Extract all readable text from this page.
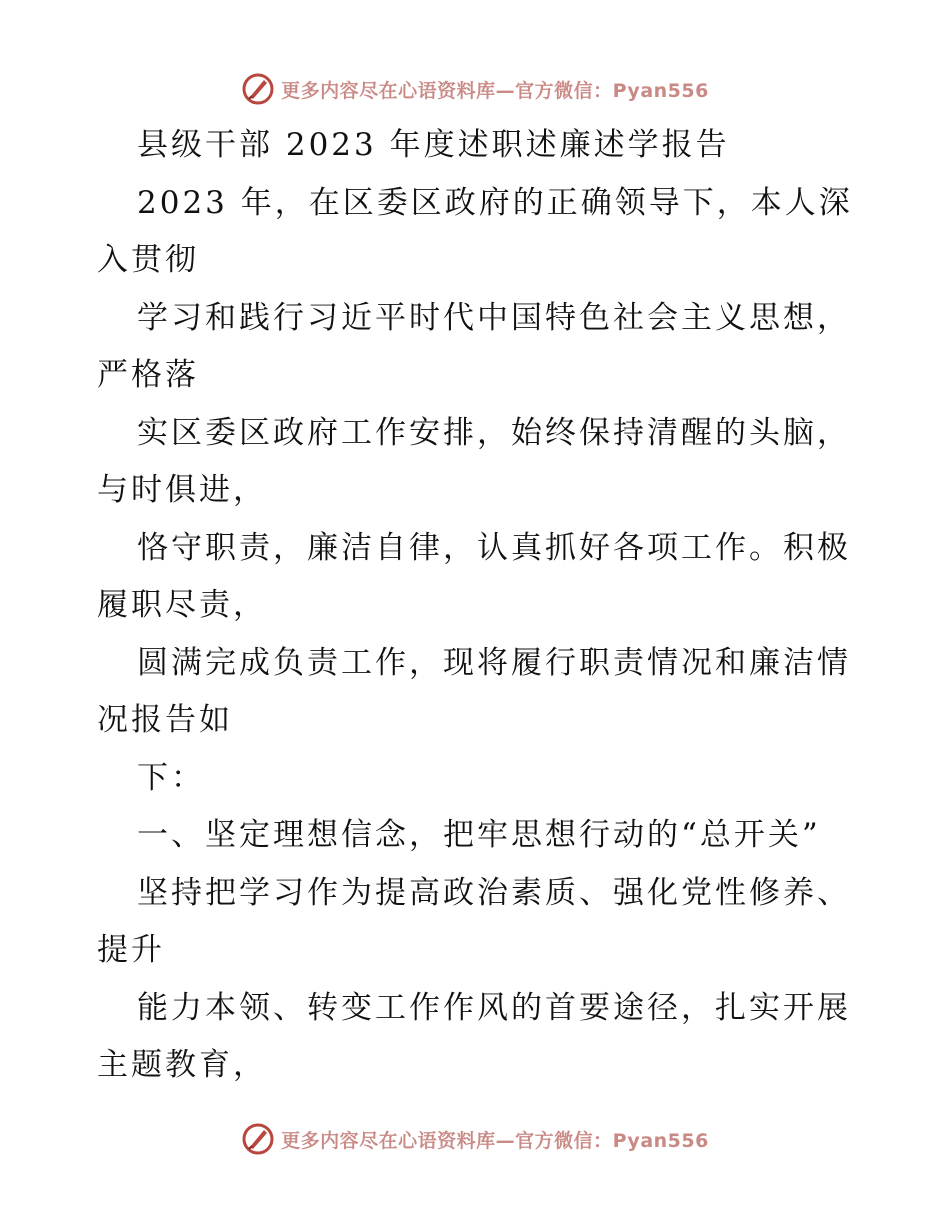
更多内容尽在心语资料库—官方微信：Pyan556
县级干部 2023 年度述职述廉述学报告
2023 年，在区委区政府的正确领导下，本人深
入贯彻
学习和践行习近平时代中国特色社会主义思想，
严格落
实区委区政府工作安排，始终保持清醒的头脑，
与时俱进，
恪守职责，廉洁自律，认真抓好各项工作。积极
履职尽责，
圆满完成负责工作，现将履行职责情况和廉洁情
况报告如
下：
一、坚定理想信念，把牢思想行动的“总开关”
坚持把学习作为提高政治素质、强化党性修养、
提升
能力本领、转变工作作风的首要途径，扎实开展
主题教育，
更多内容尽在心语资料库—官方微信：Pyan556
